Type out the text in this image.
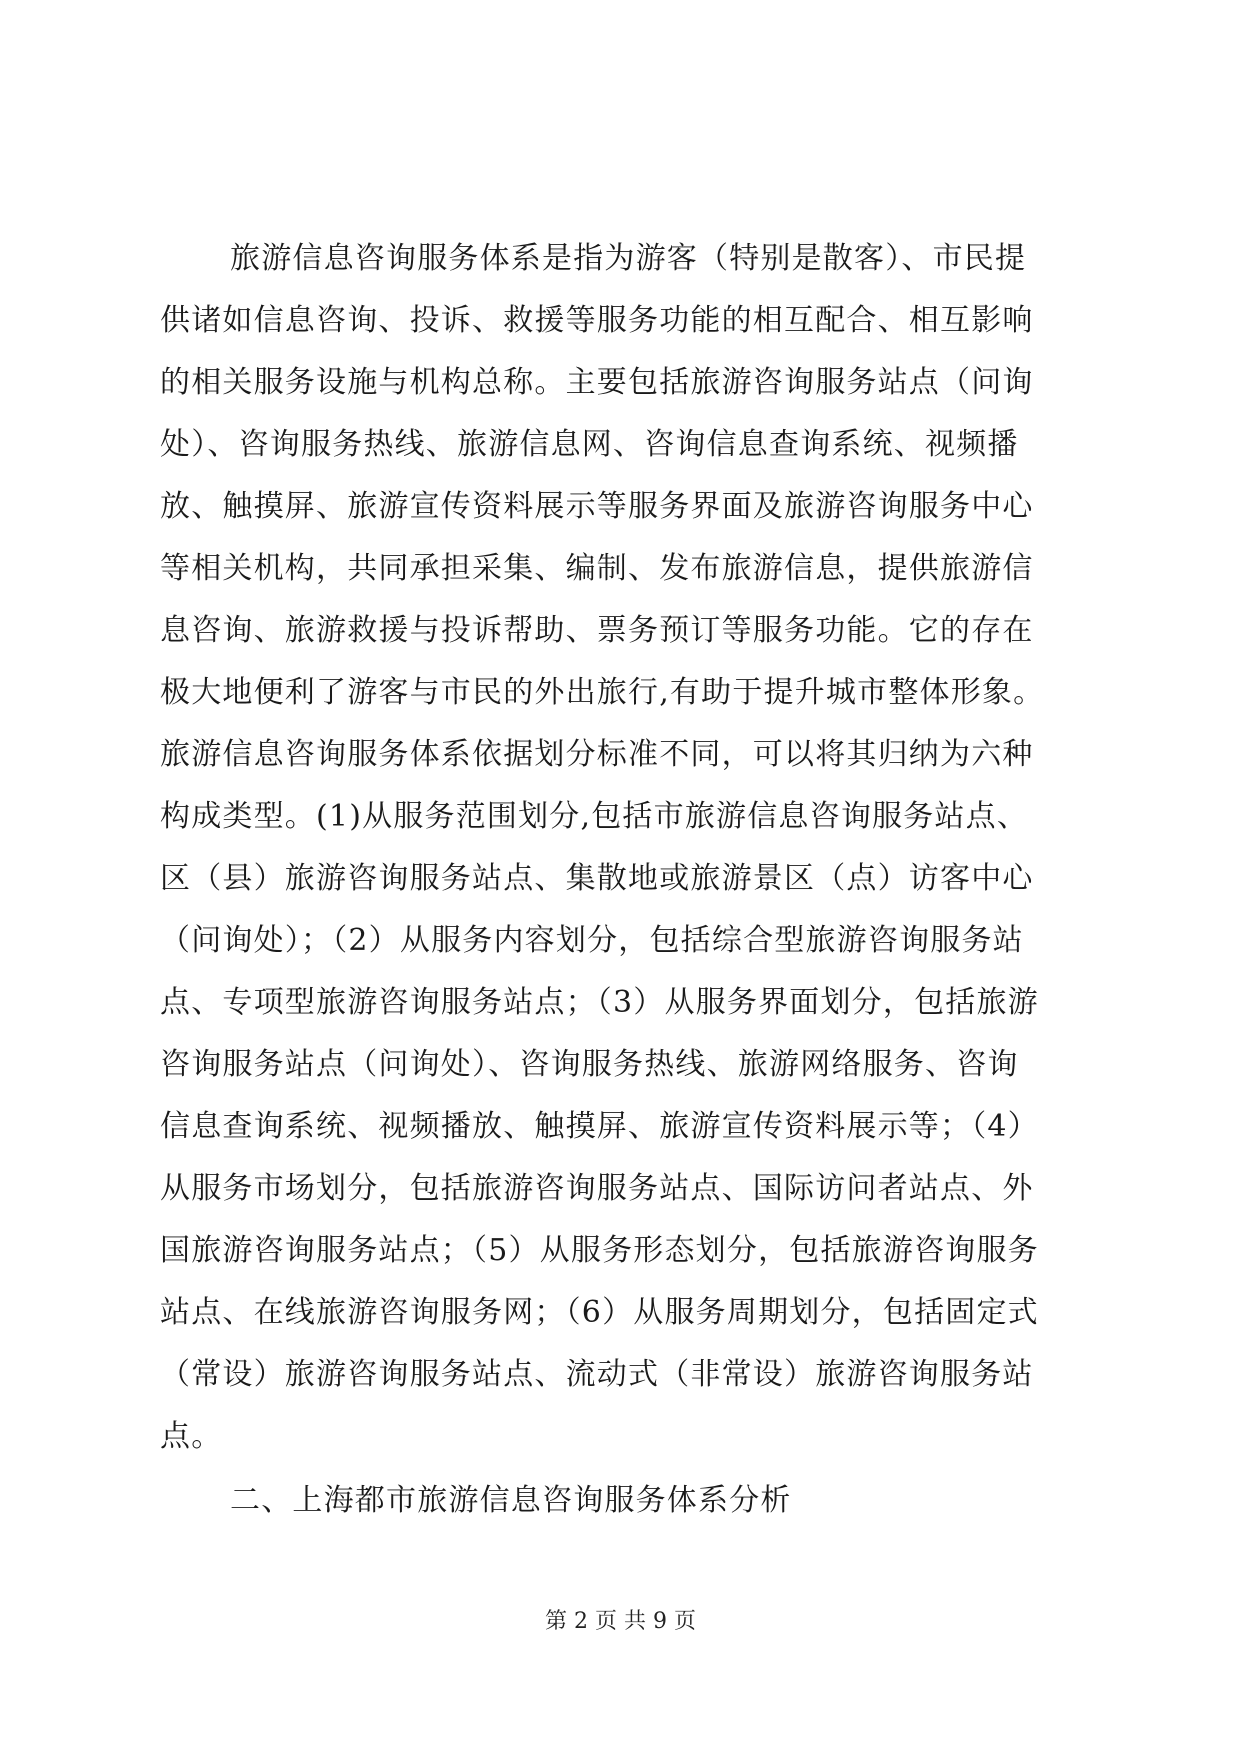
旅游信息咨询服务体系是指为游客（特别是散客）、市民提
供诸如信息咨询、投诉、救援等服务功能的相互配合、相互影响
的相关服务设施与机构总称。主要包括旅游咨询服务站点（问询
处）、咨询服务热线、旅游信息网、咨询信息查询系统、视频播
放、触摸屏、旅游宣传资料展示等服务界面及旅游咨询服务中心
等相关机构，共同承担采集、编制、发布旅游信息，提供旅游信
息咨询、旅游救援与投诉帮助、票务预订等服务功能。它的存在
极大地便利了游客与市民的外出旅行,有助于提升城市整体形象。
旅游信息咨询服务体系依据划分标准不同，可以将其归纳为六种
构成类型。(1)从服务范围划分,包括市旅游信息咨询服务站点、
区（县）旅游咨询服务站点、集散地或旅游景区（点）访客中心
（问询处）；（2）从服务内容划分，包括综合型旅游咨询服务站
点、专项型旅游咨询服务站点；（3）从服务界面划分，包括旅游
咨询服务站点（问询处）、咨询服务热线、旅游网络服务、咨询
信息查询系统、视频播放、触摸屏、旅游宣传资料展示等；（4）
从服务市场划分，包括旅游咨询服务站点、国际访问者站点、外
国旅游咨询服务站点；（5）从服务形态划分，包括旅游咨询服务
站点、在线旅游咨询服务网；（6）从服务周期划分，包括固定式
（常设）旅游咨询服务站点、流动式（非常设）旅游咨询服务站
点。
二、上海都市旅游信息咨询服务体系分析
第 2 页 共 9 页
